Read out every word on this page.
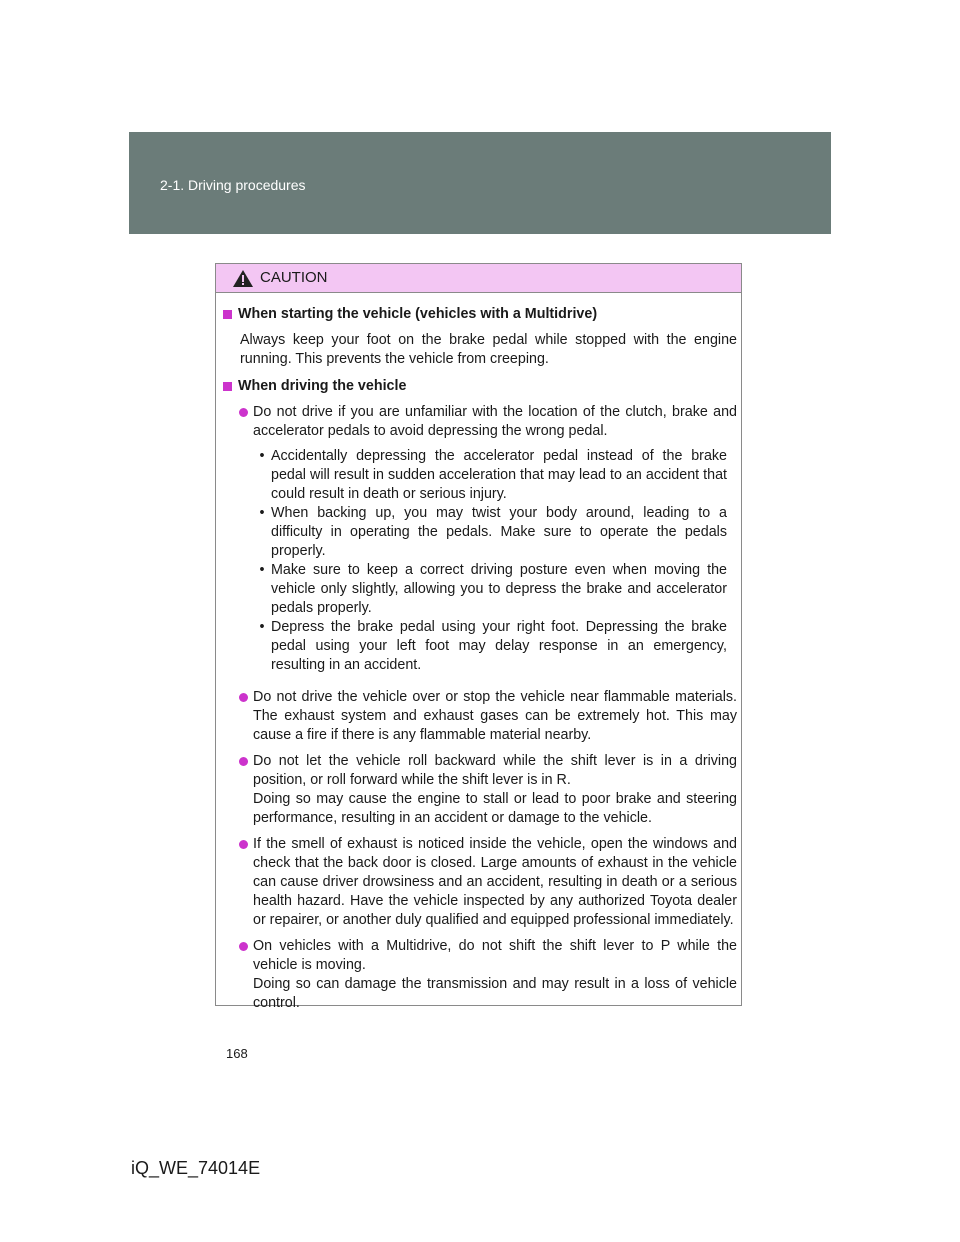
2-1. Driving procedures
CAUTION
When starting the vehicle (vehicles with a Multidrive)
Always keep your foot on the brake pedal while stopped with the engine running. This prevents the vehicle from creeping.
When driving the vehicle
Do not drive if you are unfamiliar with the location of the clutch, brake and accelerator pedals to avoid depressing the wrong pedal.
• Accidentally depressing the accelerator pedal instead of the brake pedal will result in sudden acceleration that may lead to an accident that could result in death or serious injury.
• When backing up, you may twist your body around, leading to a difficulty in operating the pedals. Make sure to operate the pedals properly.
• Make sure to keep a correct driving posture even when moving the vehicle only slightly, allowing you to depress the brake and accelerator pedals properly.
• Depress the brake pedal using your right foot. Depressing the brake pedal using your left foot may delay response in an emergency, resulting in an accident.
Do not drive the vehicle over or stop the vehicle near flammable materials. The exhaust system and exhaust gases can be extremely hot. This may cause a fire if there is any flammable material nearby.
Do not let the vehicle roll backward while the shift lever is in a driving position, or roll forward while the shift lever is in R.
Doing so may cause the engine to stall or lead to poor brake and steering performance, resulting in an accident or damage to the vehicle.
If the smell of exhaust is noticed inside the vehicle, open the windows and check that the back door is closed. Large amounts of exhaust in the vehicle can cause driver drowsiness and an accident, resulting in death or a serious health hazard. Have the vehicle inspected by any authorized Toyota dealer or repairer, or another duly qualified and equipped professional immediately.
On vehicles with a Multidrive, do not shift the shift lever to P while the vehicle is moving.
Doing so can damage the transmission and may result in a loss of vehicle control.
168
iQ_WE_74014E
